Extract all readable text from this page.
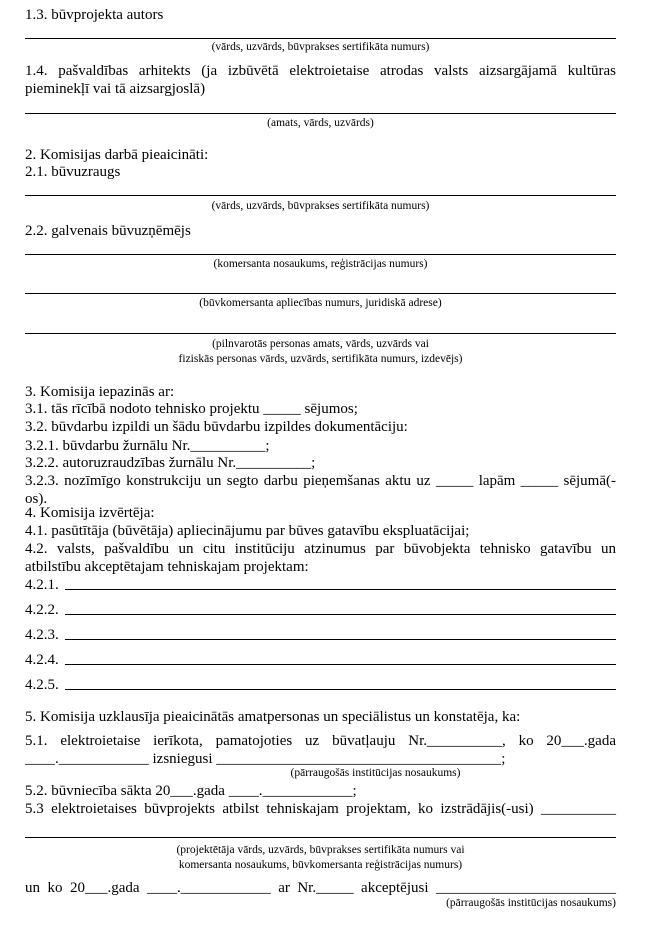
1.3. būvprojekta autors
(vārds, uzvārds, būvprakses sertifikāta numurs)
1.4. pašvaldības arhitekts (ja izbūvētā elektroietaise atrodas valsts aizsargājamā kultūras
pieminekļī vai tā aizsargjoslā)
(amats, vārds, uzvārds)
2. Komisijas darbā pieaicināti:
2.1. būvuzraugs
(vārds, uzvārds, būvprakses sertifikāta numurs)
2.2. galvenais būvuzņēmējs
(komersanta nosaukums, reģistrācijas numurs)
(būvkomersanta apliecības numurs, juridiskā adrese)
(pilnvarotās personas amats, vārds, uzvārds vai
fiziskās personas vārds, uzvārds, sertifikāta numurs, izdevējs)
3. Komisija iepazinās ar:
3.1. tās rīcībā nodoto tehnisko projektu _____ sējumos;
3.2. būvdarbu izpildi un šādu būvdarbu izpildes dokumentāciju:
3.2.1. būvdarbu žurnālu Nr.__________;
3.2.2. autoruzraudzības žurnālu Nr.__________;
3.2.3. nozīmīgo konstrukciju un segto darbu pieņemšanas aktu uz _____ lapām _____ sējumā(-os).
4. Komisija izvērtēja:
4.1. pasūtītāja (būvētāja) apliecinājumu par būves gatavību ekspluatācijai;
4.2. valsts, pašvaldību un citu institūciju atzinumus par būvobjekta tehnisko gatavību un
atbilstību akceptētajam tehniskajam projektam:
4.2.1.
4.2.2.
4.2.3.
4.2.4.
4.2.5.
5. Komisija uzklausīja pieaicinātās amatpersonas un speciālistus un konstatēja, ka:
5.1. elektroietaise ierīkota, pamatojoties uz būvatļauju Nr.__________, ko 20___.gada
____.____________ izsniegusi ______________________________________;
(pārraugošās institūcijas nosaukums)
5.2. būvniecība sākta 20___.gada ____.____________;
5.3 elektroietaises būvprojekts atbilst tehniskajam projektam, ko izstrādājis(-usi) __________
(projektētāja vārds, uzvārds, būvprakses sertifikāta numurs vai
komersanta nosaukums, būvkomersanta reģistrācijas numurs)
un ko 20___.gada ____.____________ ar Nr._____ akceptējusi ________________________
(pārraugošās institūcijas nosaukums)
